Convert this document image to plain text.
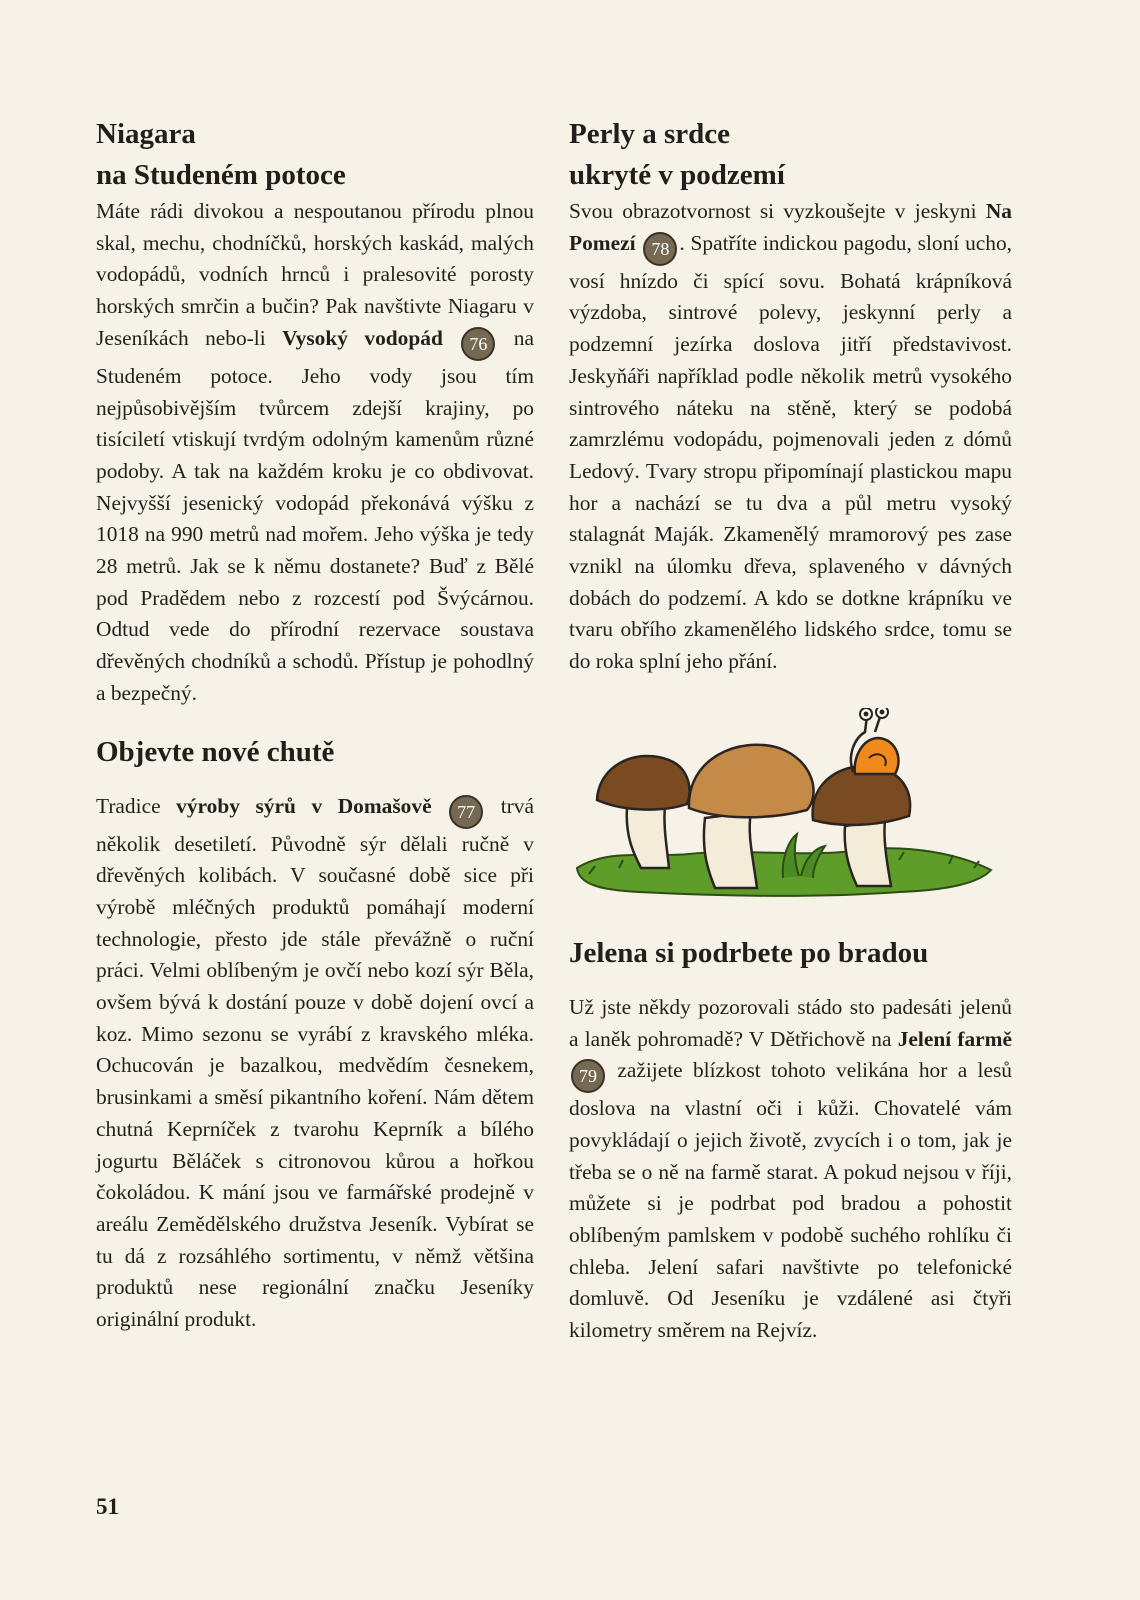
Niagara
na Studeném potoce

Máte rádi divokou a nespoutanou přírodu plnou skal, mechu, chodníčků, horských kaskád, malých vodopádů, vodních hrnců i pralesovité porosty horských smrčin a bučin? Pak navštivte Niagaru v Jeseníkách nebo-li Vysoký vodopád 76 na Studeném potoce. Jeho vody jsou tím nejpůsobivějším tvůrcem zdejší krajiny, po tisíciletí vtiskují tvrdým odolným kamenům různé podoby. A tak na každém kroku je co obdivovat. Nejvyšší jesenický vodopád překonává výšku z 1018 na 990 metrů nad mořem. Jeho výška je tedy 28 metrů. Jak se k němu dostanete? Buď z Bělé pod Pradědem nebo z rozcestí pod Švýcárnou. Odtud vede do přírodní rezervace soustava dřevěných chodníků a schodů. Přístup je pohodlný a bezpečný.

Objevte nové chutě

Tradice výroby sýrů v Domašově 77 trvá několik desetiletí. Původně sýr dělali ručně v dřevěných kolibách. V současné době sice při výrobě mléčných produktů pomáhají moderní technologie, přesto jde stále převážně o ruční práci. Velmi oblíbeným je ovčí nebo kozí sýr Běla, ovšem bývá k dostání pouze v době dojení ovcí a koz. Mimo sezonu se vyrábí z kravského mléka. Ochucován je bazalkou, medvědím česnekem, brusinkami a směsí pikantního koření. Nám dětem chutná Keprníček z tvarohu Keprník a bílého jogurtu Běláček s citronovou kůrou a hořkou čokoládou. K mání jsou ve farmářské prodejně v areálu Zemědělského družstva Jeseník. Vybírat se tu dá z rozsáhlého sortimentu, v němž většina produktů nese regionální značku Jeseníky originální produkt.

Perly a srdce
ukryté v podzemí

Svou obrazotvornost si vyzkoušejte v jeskyni Na Pomezí 78 . Spatříte indickou pagodu, sloní ucho, vosí hnízdo či spící sovu. Bohatá krápníková výzdoba, sintrové polevy, jeskynní perly a podzemní jezírka doslova jitří představivost. Jeskyňáři například podle několik metrů vysokého sintrového náteku na stěně, který se podobá zamrzlému vodopádu, pojmenovali jeden z dómů Ledový. Tvary stropu připomínají plastickou mapu hor a nachází se tu dva a půl metru vysoký stalagnát Maják. Zkamenělý mramorový pes zase vznikl na úlomku dřeva, splaveného v dávných dobách do podzemí. A kdo se dotkne krápníku ve tvaru obřího zkamenělého lidského srdce, tomu se do roka splní jeho přání.

Jelena si podrbete po bradou

Už jste někdy pozorovali stádo sto padesáti jelenů a laněk pohromadě? V Dětřichově na Jelení farmě79 zažijete blízkost tohoto velikána hor a lesů doslova na vlastní oči i kůži. Chovatelé vám povykládají o jejich životě, zvycích i o tom, jak je třeba se o ně na farmě starat. A pokud nejsou v říji, můžete si je podrbat pod bradou a pohostit oblíbeným pamlskem v podobě suchého rohlíku či chleba. Jelení safari navštivte po telefonické domluvě. Od Jeseníku je vzdálené asi čtyři kilometry směrem na Rejvíz.

51
